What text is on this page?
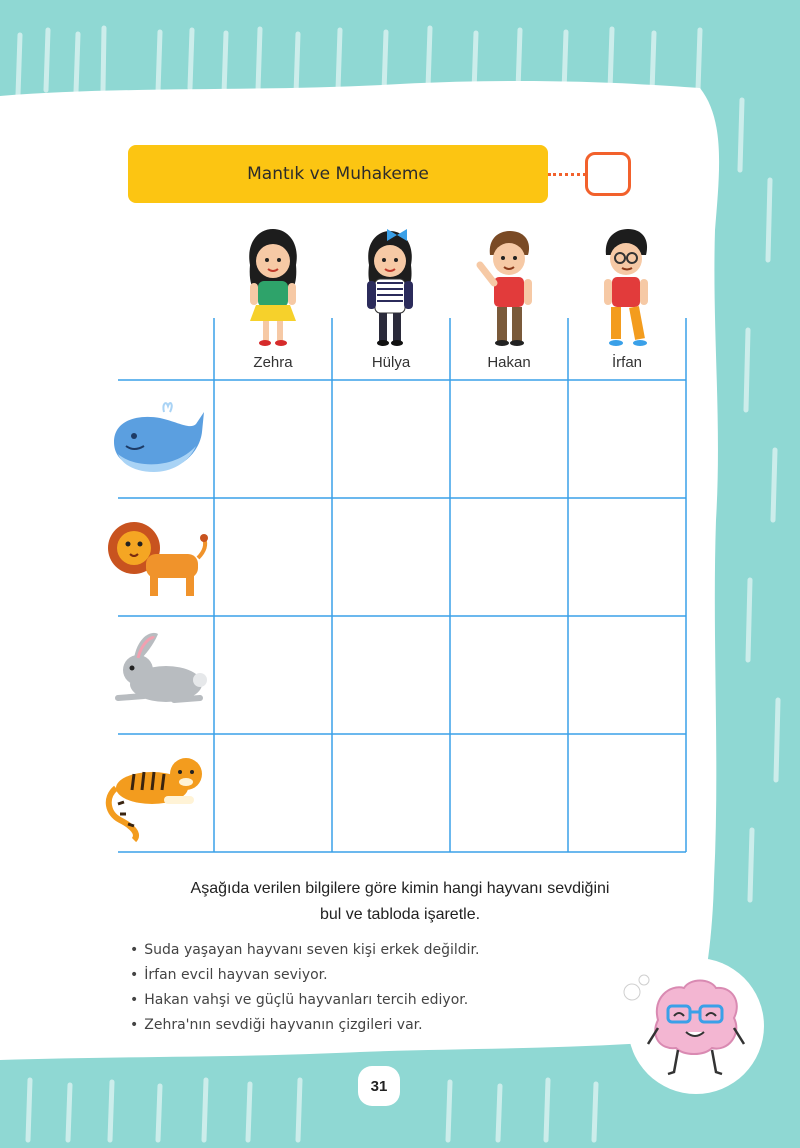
Mantık ve Muhakeme
Zehra	Hülya	Hakan	İrfan
Aşağıda verilen bilgilere göre kimin hangi hayvanı sevdiğini
bul ve tabloda işaretle.
• Suda yaşayan hayvanı seven kişi erkek değildir.
• İrfan evcil hayvan seviyor.
• Hakan vahşi ve güçlü hayvanları tercih ediyor.
• Zehra'nın sevdiği hayvanın çizgileri var.
31
